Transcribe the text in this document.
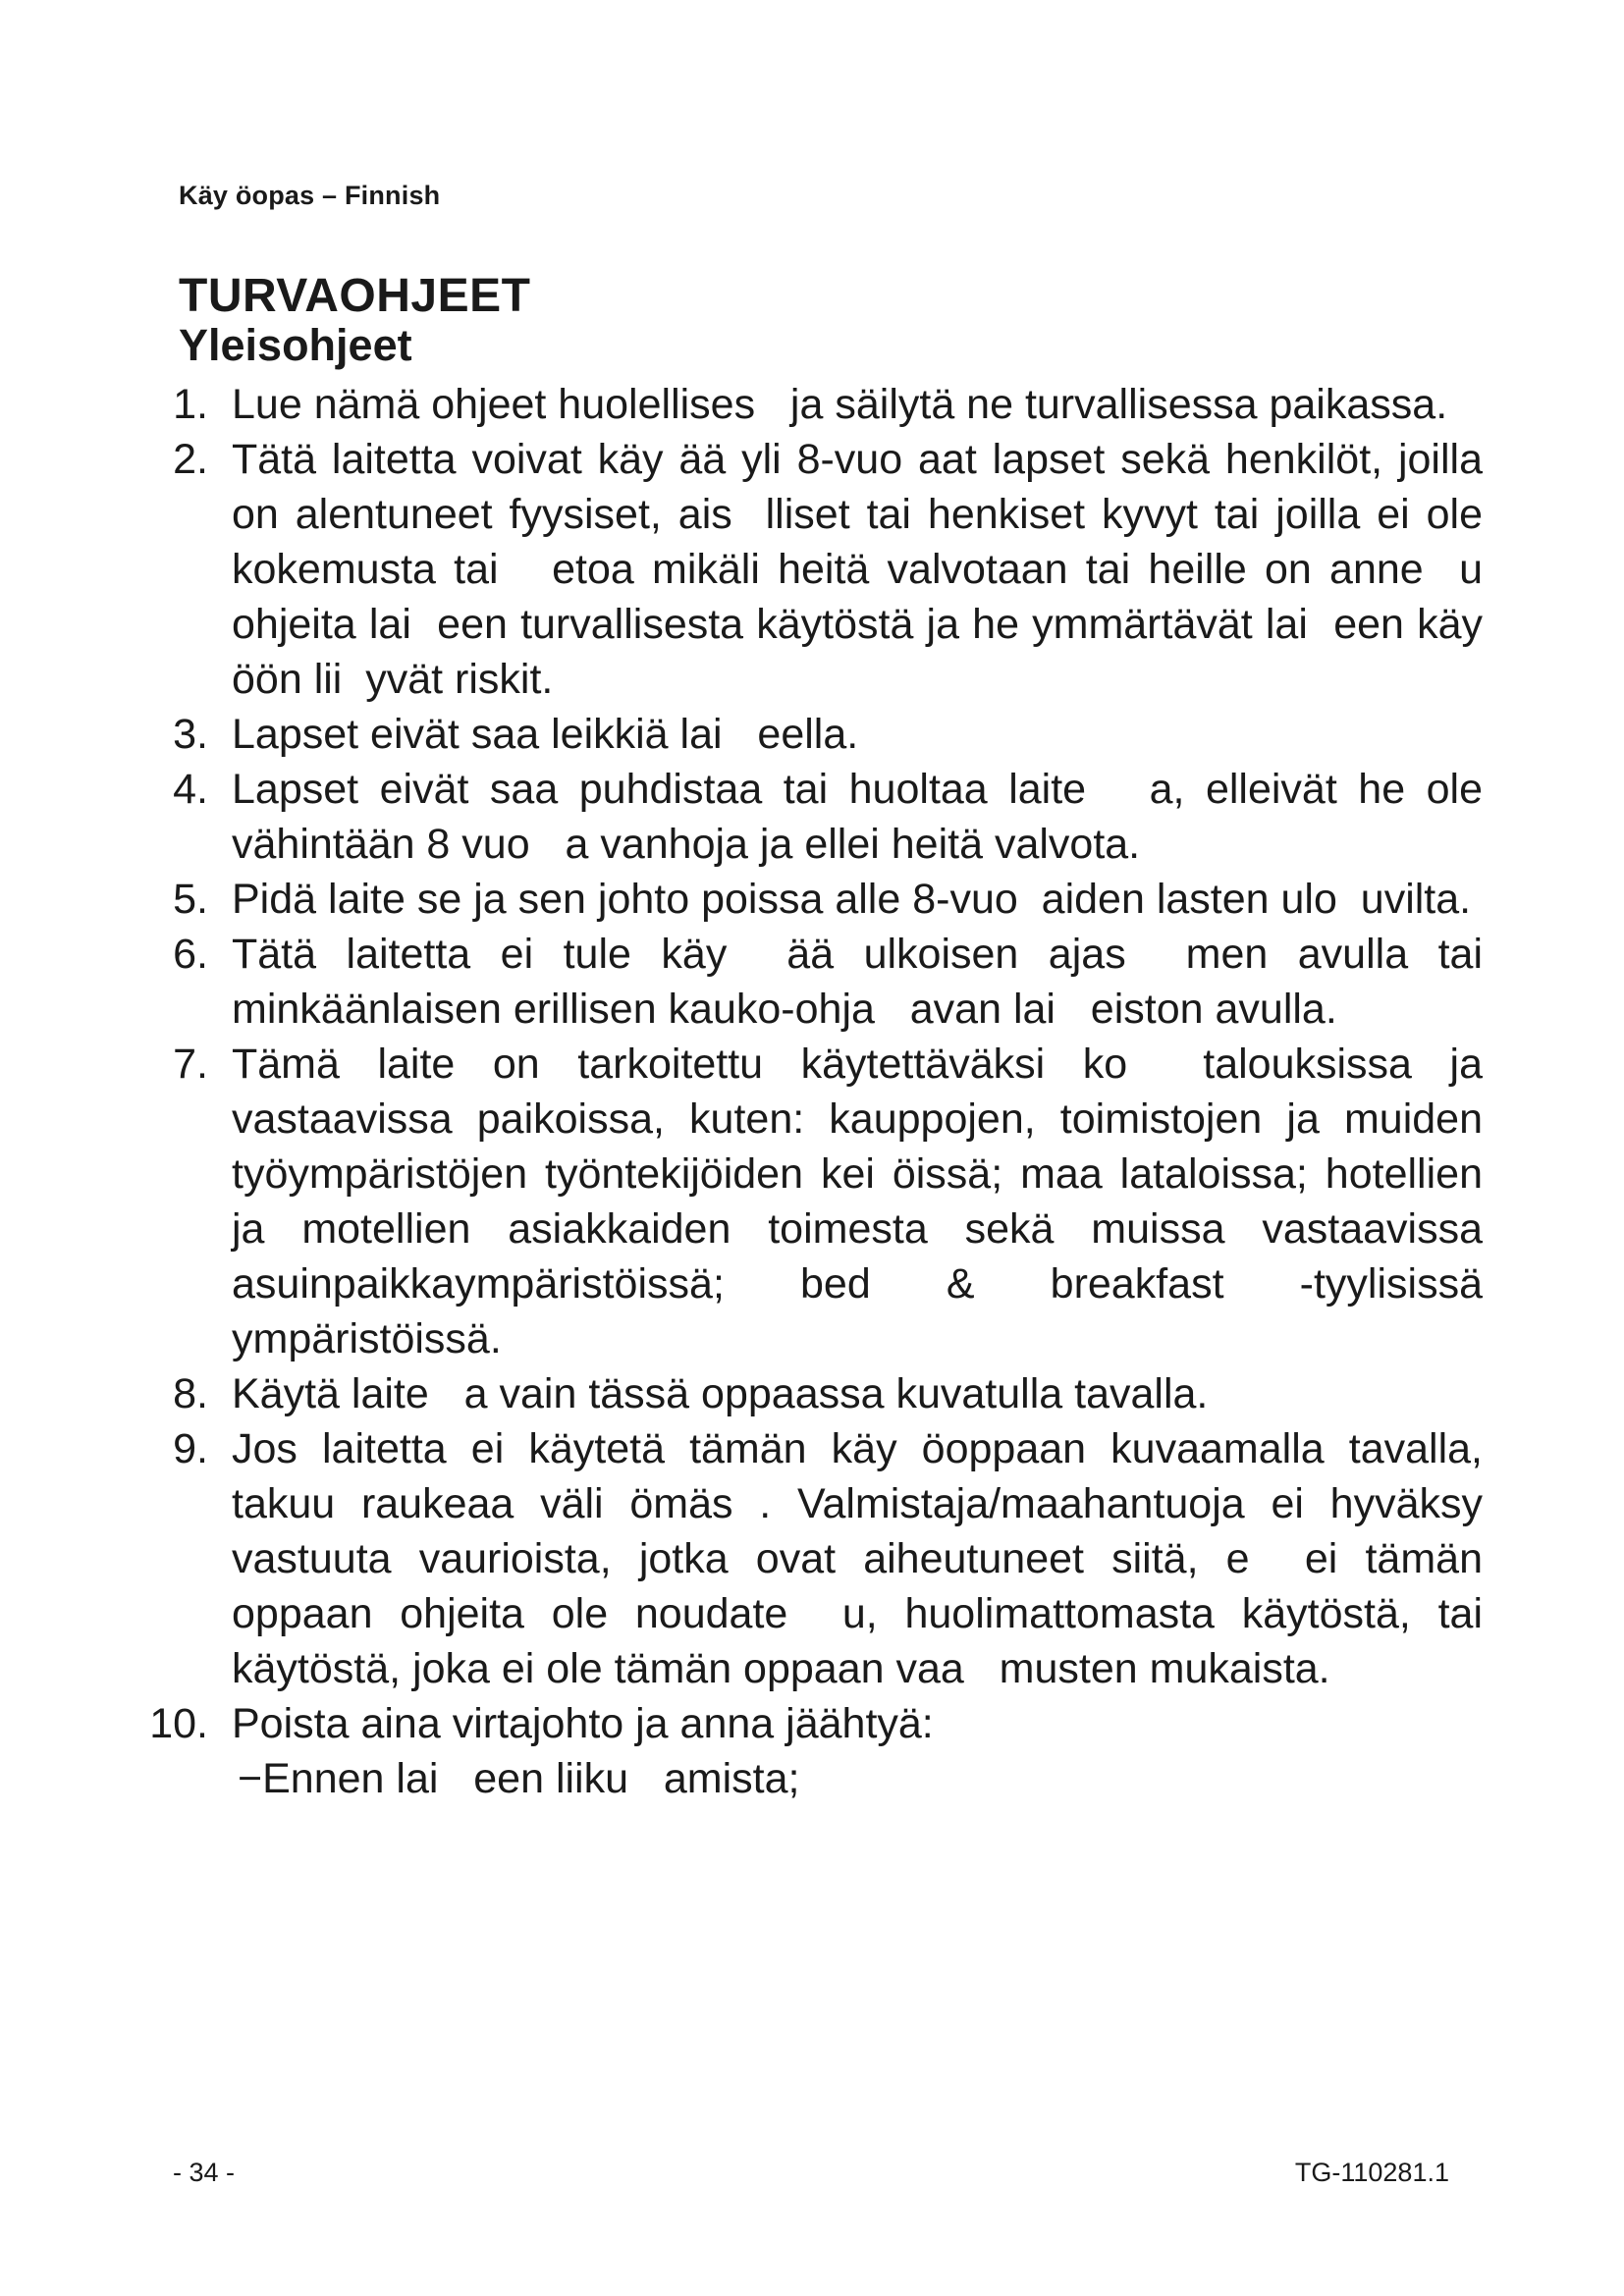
Käy öopas – Finnish
TURVAOHJEET
Yleisohjeet
1. Lue nämä ohjeet huolellises   ja säilytä ne turvallisessa paikassa.
2. Tätä laitetta voivat käy ää yli 8-vuo aat lapset sekä henkilöt, joilla on alentuneet fyysiset, ais  lliset tai henkiset kyvyt tai joilla ei ole kokemusta tai   etoa mikäli heitä valvotaan tai heille on anne  u ohjeita lai  een turvallisesta käytöstä ja he ymmärtävät lai  een käy  öön lii  yvät riskit.
3. Lapset eivät saa leikkiä lai   eella.
4. Lapset eivät saa puhdistaa tai huoltaa laite   a, elleivät he ole vähintään 8 vuo   a vanhoja ja ellei heitä valvota.
5. Pidä laite se ja sen johto poissa alle 8-vuo  aiden lasten ulo  uvilta.
6. Tätä laitetta ei tule käy  ää ulkoisen ajas  men avulla tai minkäänlaisen erillisen kauko-ohja   avan lai   eiston avulla.
7. Tämä laite on tarkoitettu käytettäväksi ko  talouksissa ja vastaavissa paikoissa, kuten: kauppojen, toimistojen ja muiden työympäristöjen työntekijöiden kei öissä; maa lataloissa; hotellien ja motellien asiakkaiden toimesta sekä muissa vastaavissa asuinpaikkaympäristöissä; bed & breakfast -tyylisissä ympäristöissä.
8. Käytä laite   a vain tässä oppaassa kuvatulla tavalla.
9. Jos laitetta ei käytetä tämän käy öoppaan kuvaamalla tavalla, takuu raukeaa väli ömäs . Valmistaja/maahantuoja ei hyväksy vastuuta vaurioista, jotka ovat aiheutuneet siitä, e  ei tämän oppaan ohjeita ole noudate  u, huolimattomasta käytöstä, tai käytöstä, joka ei ole tämän oppaan vaa   musten mukaista.
10. Poista aina virtajohto ja anna jäähtyä:
−Ennen lai   een liiku   amista;
- 34 -	TG-110281.1
